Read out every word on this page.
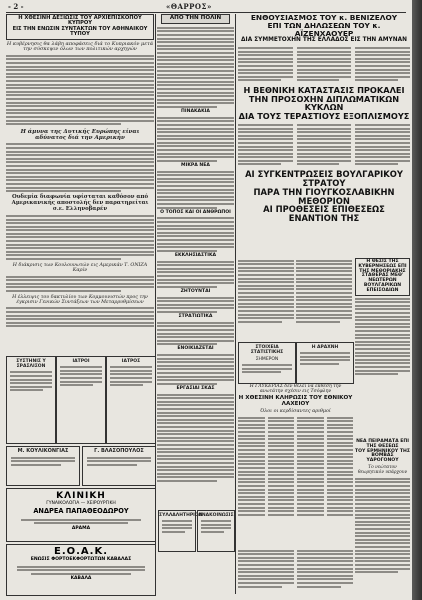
- 2 -	«ΘΑΡΡΟΣ»

Η ΧΘΕΣΙΝΗ ΔΕΞΙΩΣΙΣ ΤΟΥ ΑΡΧΙΕΠΙΣΚΟΠΟΥ ΚΥΠΡΟΥ

ΕΙΣ ΤΗΝ ΕΝΩΣΙΝ ΣΥΝΤΑΚΤΩΝ ΤΟΥ ΑΘΗΝΑΙΚΟΥ ΤΥΠΟΥ

Η κυβέρνησις θα λάβη αποφάσεις διά το Κυπριακόν μετά την σύσκεψιν όλων των πολιτικών αρχηγών

Η άμυνα της Δυτικής Ευρώπης είναι αδύνατος διά την Αμερικήν

Ουδεμία διαφωνία υφίσταται καθόσον από Αμερικανικής αποστολής δεν παρατηρείται σ.ε. Ελληνοβαρέν

Η διάκρισις των Κουλουνωτών εις Αμερικάν Τ. ΟΝΙΖΑ Καρίν

Η έλλειψις του δακτυλίου των Κομμουνιστών προς την έγκρισιν Γενικών Συντάξεων των Μεταρρυθμίσεων

ΣΥΣΤΗΝΙΣ Υ ΣΡΑΣΛΙΣΟΝ

ΙΑΤΡΟΙ	ΙΑΤΡΟΣ

Μ. ΚΟΥΛΙΚΟΝΓΙΑΣ	Γ. ΒΛΑΣΟΠΟΥΛΟΣ

ΚΛΙΝΙΚΗ
ΓΥΝΑΙΚΟΛΟΓΙΑ — ΧΕΙΡΟΥΡΓΙΚΗ
ΑΝΔΡΕΑ ΠΑΠΑΘΕΟΔΩΡΟΥ
ΔΡΑΜΑ
Ε.Ο.Α.Κ.
ΕΝΩΣΙΣ ΦΟΡΤΟΕΚΦΟΡΤΩΤΩΝ ΚΑΒΑΛΑΣ
ΚΑΒΑΛΑ

ΑΠΟ ΤΗΝ ΠΟΛΙΝ

ΠΙΝΑΚΑΚΙΑ

ΜΙΚΡΑ ΝΕΑ

Ο ΤΟΠΟΣ ΚΑΙ ΟΙ ΑΝΘΡΩΠΟΙ

ΕΚΚΛΗΣΙΑΣΤΙΚΑ

ΖΗΤΟΥΝΤΑΙ

ΣΤΡΑΤΙΩΤΙΚΑ

ΕΝΟΙΚΙΑΖΕΤΑΙ

ΕΡΓΑΣΙΑΙ ΣΚΑΣ

ΣΥΛΛΑΛΗΤΗΡΙΟΝ

ΑΝΑΚΟΙΝΩΣΙΣ

ΕΝΘΟΥΣΙΑΣΜΟΣ ΤΟΥ κ. ΒΕΝΙΖΕΛΟΥ

ΕΠΙ ΤΩΝ ΔΗΛΩΣΕΩΝ ΤΟΥ κ. ΑΪΖΕΝΧΑΟΥΕΡ

ΔΙΑ ΣΥΜΜΕΤΟΧΗΝ ΤΗΣ ΕΛΛΑΔΟΣ ΕΙΣ ΤΗΝ ΑΜΥΝΑΝ

Η ΒΕΘΝΙΚΗ ΚΑΤΑΣΤΑΣΙΣ ΠΡΟΚΑΛΕΙ

ΤΗΝ ΠΡΟΣΟΧΗΝ ΔΙΠΛΩΜΑΤΙΚΩΝ ΚΥΚΛΩΝ

ΔΙΑ ΤΟΥΣ ΤΕΡΑΣΤΙΟΥΣ ΕΞΟΠΛΙΣΜΟΥΣ

ΑΙ ΣΥΓΚΕΝΤΡΩΣΕΙΣ ΒΟΥΛΓΑΡΙΚΟΥ ΣΤΡΑΤΟΥ

ΠΑΡΑ ΤΗΝ ΓΙΟΥΓΚΟΣΛΑΒΙΚΗΝ ΜΕΘΟΡΙΟΝ

ΑΙ ΠΡΟΘΕΣΕΙΣ ΕΠΙΘΕΣΕΩΣ ΕΝΑΝΤΙΟΝ ΤΗΣ

ΣΤΟΙΧΕΙΑ ΣΤΑΤΙΣΤΙΚΗΣ

ΣΗΜΕΡΟΝ

Η ΑΡΑΧΝΗ

Η ΘΕΣΙΣ ΤΗΣ ΚΥΒΕΡΝΗΣΕΩΣ ΕΠΙ ΤΗΣ ΜΕΘΟΡΙΑΚΗΣ ΣΤΑΘΕΡΑΣ ΜΕΘ' ΝΕΩΤΕΡΩΝ ΒΟΥΛΓΑΡΙΚΩΝ ΕΠΕΙΣΟΔΙΩΝ

Η ΓΛΥΚΕΡΙΑΣ δεν θέλει να εκθέση την ανωτάτην σχέσιν εις Τσόφλην

Η ΧΘΕΣΙΝΗ ΚΛΗΡΩΣΙΣ ΤΟΥ ΕΘΝΙΚΟΥ ΛΑΧΕΙΟΥ

Όλοι οι κερδίσαντες αριθμοί

ΝΕΑ ΠΕΙΡΑΜΑΤΑ ΕΠΙ ΤΗΣ ΘΕΣΕΩΣ

ΤΟΥ ΕΡΜΗΝΙΚΟΥ ΤΗΣ ΒΟΜΒΑΣ ΥΔΡΟΓΟΝΟΥ

Το νεώτατον θεωρητικόν υπάρχουν
